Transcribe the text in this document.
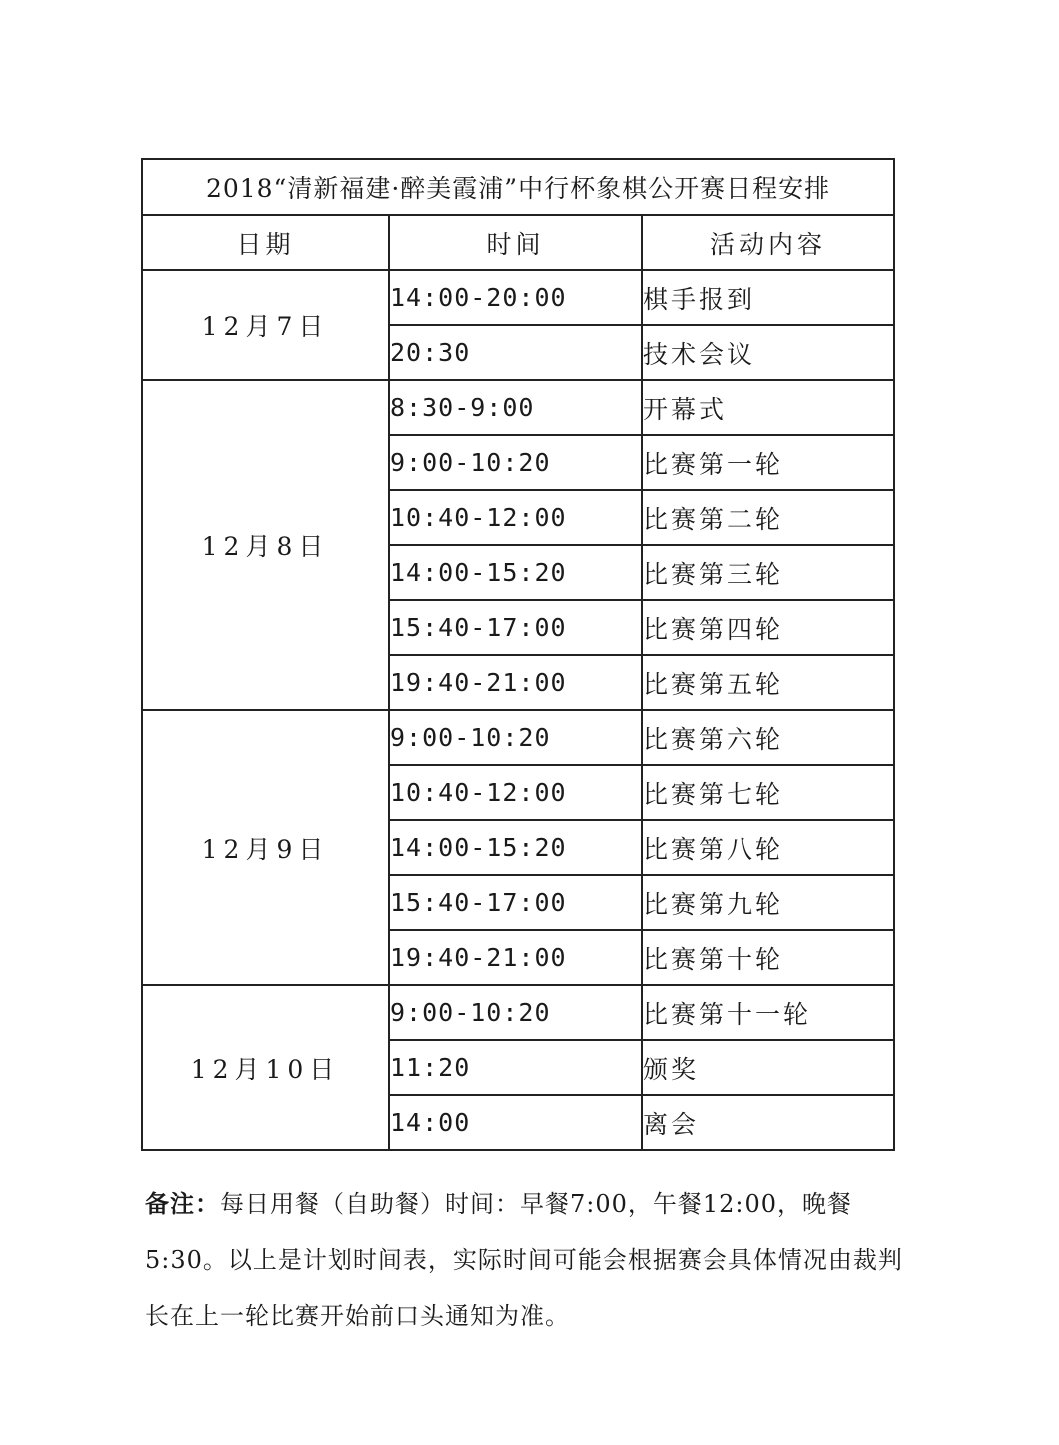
2018“清新福建·醉美霞浦”中行杯象棋公开赛日程安排		
日期	时间	活动内容
12月7日	14:00-20:00	棋手报到
	20:30	技术会议
12月8日	8:30-9:00	开幕式
	9:00-10:20	比赛第一轮
	10:40-12:00	比赛第二轮
	14:00-15:20	比赛第三轮
	15:40-17:00	比赛第四轮
	19:40-21:00	比赛第五轮
12月9日	9:00-10:20	比赛第六轮
	10:40-12:00	比赛第七轮
	14:00-15:20	比赛第八轮
	15:40-17:00	比赛第九轮
	19:40-21:00	比赛第十轮
12月10日	9:00-10:20	比赛第十一轮
	11:20	颁奖
	14:00	离会
备注：每日用餐（自助餐）时间：早餐7:00，午餐12:00，晚餐5:30。以上是计划时间表，实际时间可能会根据赛会具体情况由裁判长在上一轮比赛开始前口头通知为准。
